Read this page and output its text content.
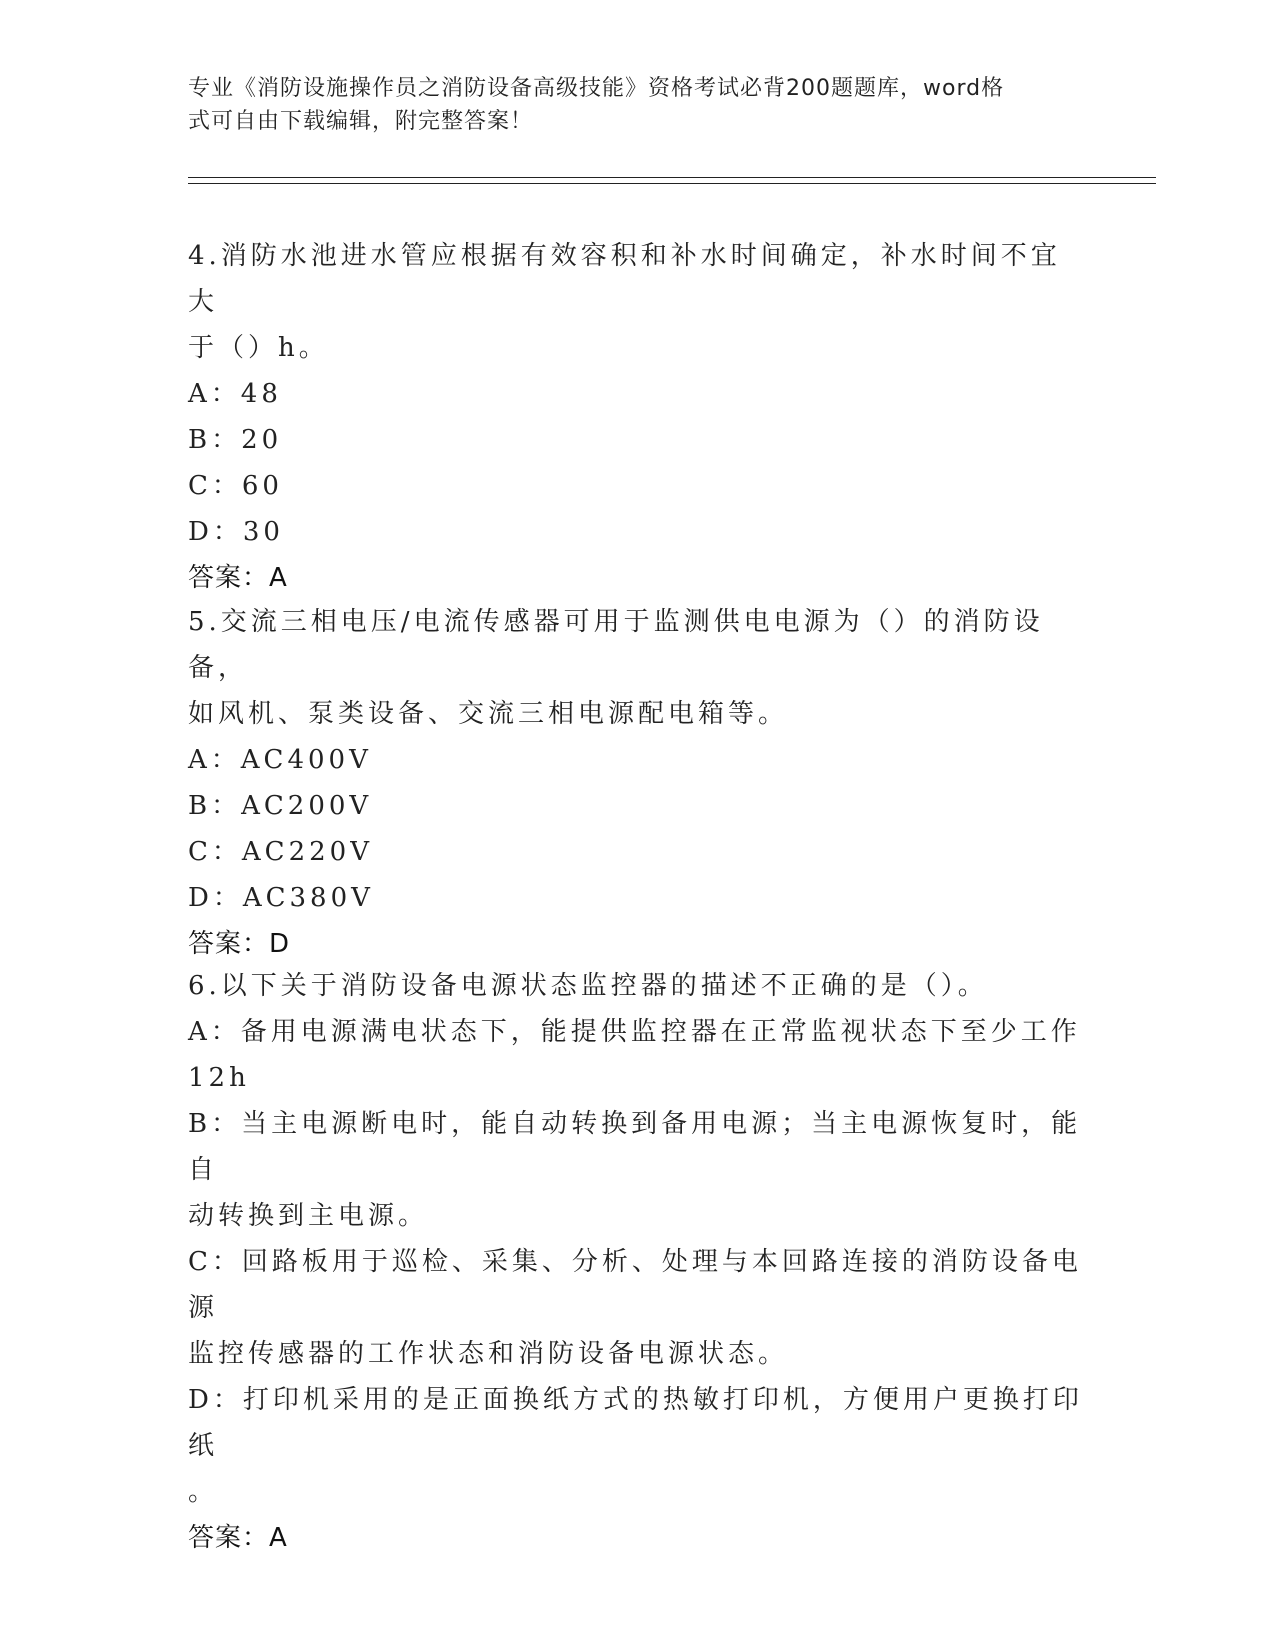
专业《消防设施操作员之消防设备高级技能》资格考试必背200题题库，word格
式可自由下载编辑，附完整答案！
4.消防水池进水管应根据有效容积和补水时间确定，补水时间不宜大
于（）h。
A：48
B：20
C：60
D：30
答案：A
5.交流三相电压/电流传感器可用于监测供电电源为（）的消防设备，
如风机、泵类设备、交流三相电源配电箱等。
A：AC400V
B：AC200V
C：AC220V
D：AC380V
答案：D
6.以下关于消防设备电源状态监控器的描述不正确的是（）。
A：备用电源满电状态下，能提供监控器在正常监视状态下至少工作
12h
B：当主电源断电时，能自动转换到备用电源；当主电源恢复时，能自
动转换到主电源。
C：回路板用于巡检、采集、分析、处理与本回路连接的消防设备电源
监控传感器的工作状态和消防设备电源状态。
D：打印机采用的是正面换纸方式的热敏打印机，方便用户更换打印纸
。
答案：A
